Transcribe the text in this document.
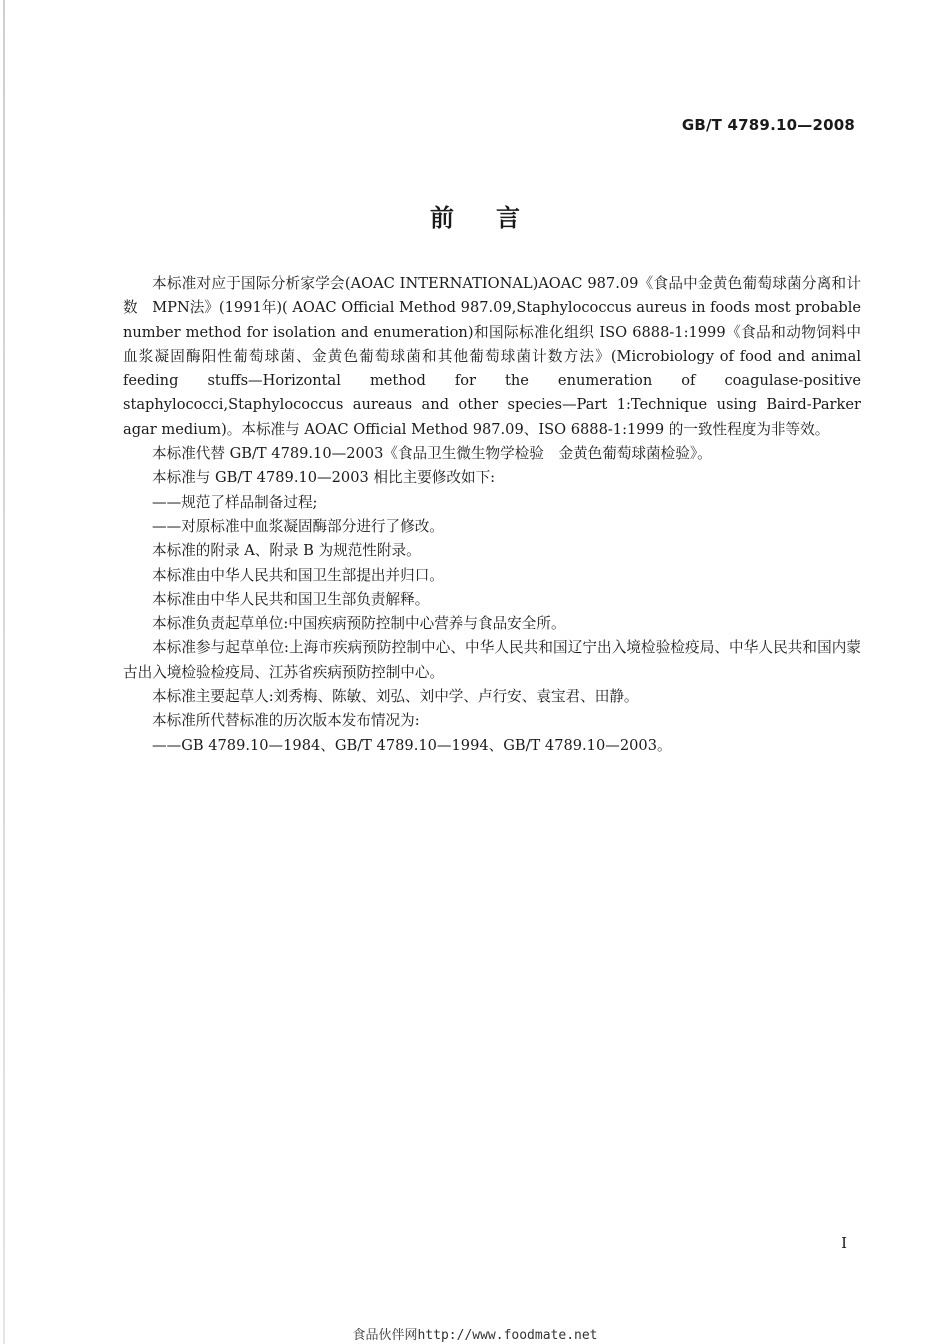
GB/T 4789.10—2008
前言

本标准对应于国际分析家学会(AOAC INTERNATIONAL)AOAC 987.09《食品中金黄色葡萄球菌分离和计数　MPN法》(1991年)( AOAC Official Method 987.09,Staphylococcus aureus in foods most probable number method for isolation and enumeration)和国际标准化组织 ISO 6888-1:1999《食品和动物饲料中血浆凝固酶阳性葡萄球菌、金黄色葡萄球菌和其他葡萄球菌计数方法》(Microbiology of food and animal feeding stuffs—Horizontal method for the enumeration of coagulase-positive staphylococci,Staphylococcus aureaus and other species—Part 1:Technique using Baird-Parker agar medium)。本标准与 AOAC Official Method 987.09、ISO 6888-1:1999 的一致性程度为非等效。

本标准代替 GB/T 4789.10—2003《食品卫生微生物学检验　金黄色葡萄球菌检验》。

本标准与 GB/T 4789.10—2003 相比主要修改如下:

——规范了样品制备过程;

——对原标准中血浆凝固酶部分进行了修改。

本标准的附录 A、附录 B 为规范性附录。

本标准由中华人民共和国卫生部提出并归口。

本标准由中华人民共和国卫生部负责解释。

本标准负责起草单位:中国疾病预防控制中心营养与食品安全所。

本标准参与起草单位:上海市疾病预防控制中心、中华人民共和国辽宁出入境检验检疫局、中华人民共和国内蒙古出入境检验检疫局、江苏省疾病预防控制中心。

本标准主要起草人:刘秀梅、陈敏、刘弘、刘中学、卢行安、袁宝君、田静。

本标准所代替标准的历次版本发布情况为:

——GB 4789.10—1984、GB/T 4789.10—1994、GB/T 4789.10—2003。

I
食品伙伴网http://www.foodmate.net
